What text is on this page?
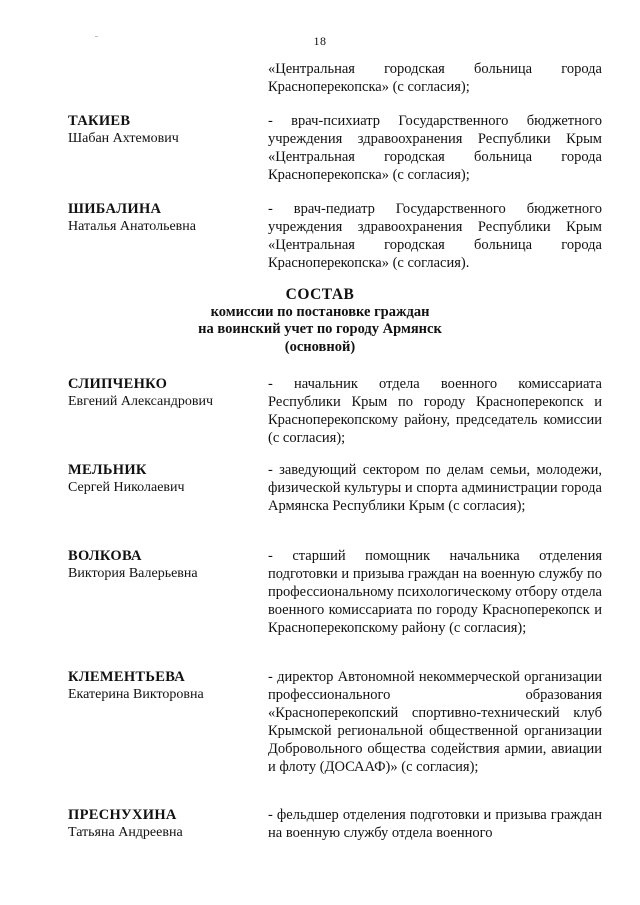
18
«Центральная городская больница города Красноперекопска» (с согласия);
ТАКИЕВ
Шабан Ахтемович
- врач-психиатр Государственного бюджетного учреждения здравоохранения Республики Крым «Центральная городская больница города Красноперекопска» (с согласия);
ШИБАЛИНА
Наталья Анатольевна
- врач-педиатр Государственного бюджетного учреждения здравоохранения Республики Крым «Центральная городская больница города Красноперекопска» (с согласия).
СОСТАВ
комиссии по постановке граждан
на воинский учет по городу Армянск
(основной)
СЛИПЧЕНКО
Евгений Александрович
- начальник отдела военного комиссариата Республики Крым по городу Красноперекопск и Красноперекопскому району, председатель комиссии (с согласия);
МЕЛЬНИК
Сергей Николаевич
- заведующий сектором по делам семьи, молодежи, физической культуры и спорта администрации города Армянска Республики Крым (с согласия);
ВОЛКОВА
Виктория Валерьевна
- старший помощник начальника отделения подготовки и призыва граждан на военную службу по профессиональному психологическому отбору отдела военного комиссариата по городу Красноперекопск и Красноперекопскому району (с согласия);
КЛЕМЕНТЬЕВА
Екатерина Викторовна
- директор Автономной некоммерческой организации профессионального образования «Красноперекопский спортивно-технический клуб Крымской региональной общественной организации Добровольного общества содействия армии, авиации и флоту (ДОСААФ)» (с согласия);
ПРЕСНУХИНА
Татьяна Андреевна
- фельдшер отделения подготовки и призыва граждан на военную службу отдела военного
